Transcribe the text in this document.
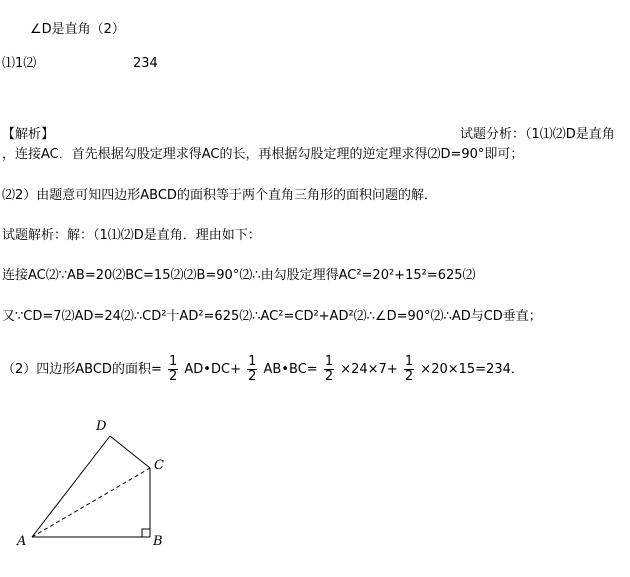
∠D是直角（2）
⑴1⑵	234
【解析】	试题分析：（1⑴⑵D是直角
，连接AC．首先根据勾股定理求得AC的长，再根据勾股定理的逆定理求得⑵D=90°即可；
⑵2）由题意可知四边形ABCD的面积等于两个直角三角形的面积问题的解．
试题解析：解：（1⑴⑵D是直角．理由如下：
连接AC⑵∵AB=20⑵BC=15⑵⑵B=90°⑵∴由勾股定理得AC²=20²+15²=625⑵
又∵CD=7⑵AD=24⑵∴CD²十AD²=625⑵∴AC²=CD²+AD²⑵∴∠D=90°⑵∴AD与CD垂直；
（2）四边形ABCD的面积= $\frac{1}{2}$ AD•DC+ $\frac{1}{2}$ AB•BC= $\frac{1}{2} \times 24\times 7+ \frac{1}{2} \times 20\times 15=234$．
A	B
C
D
